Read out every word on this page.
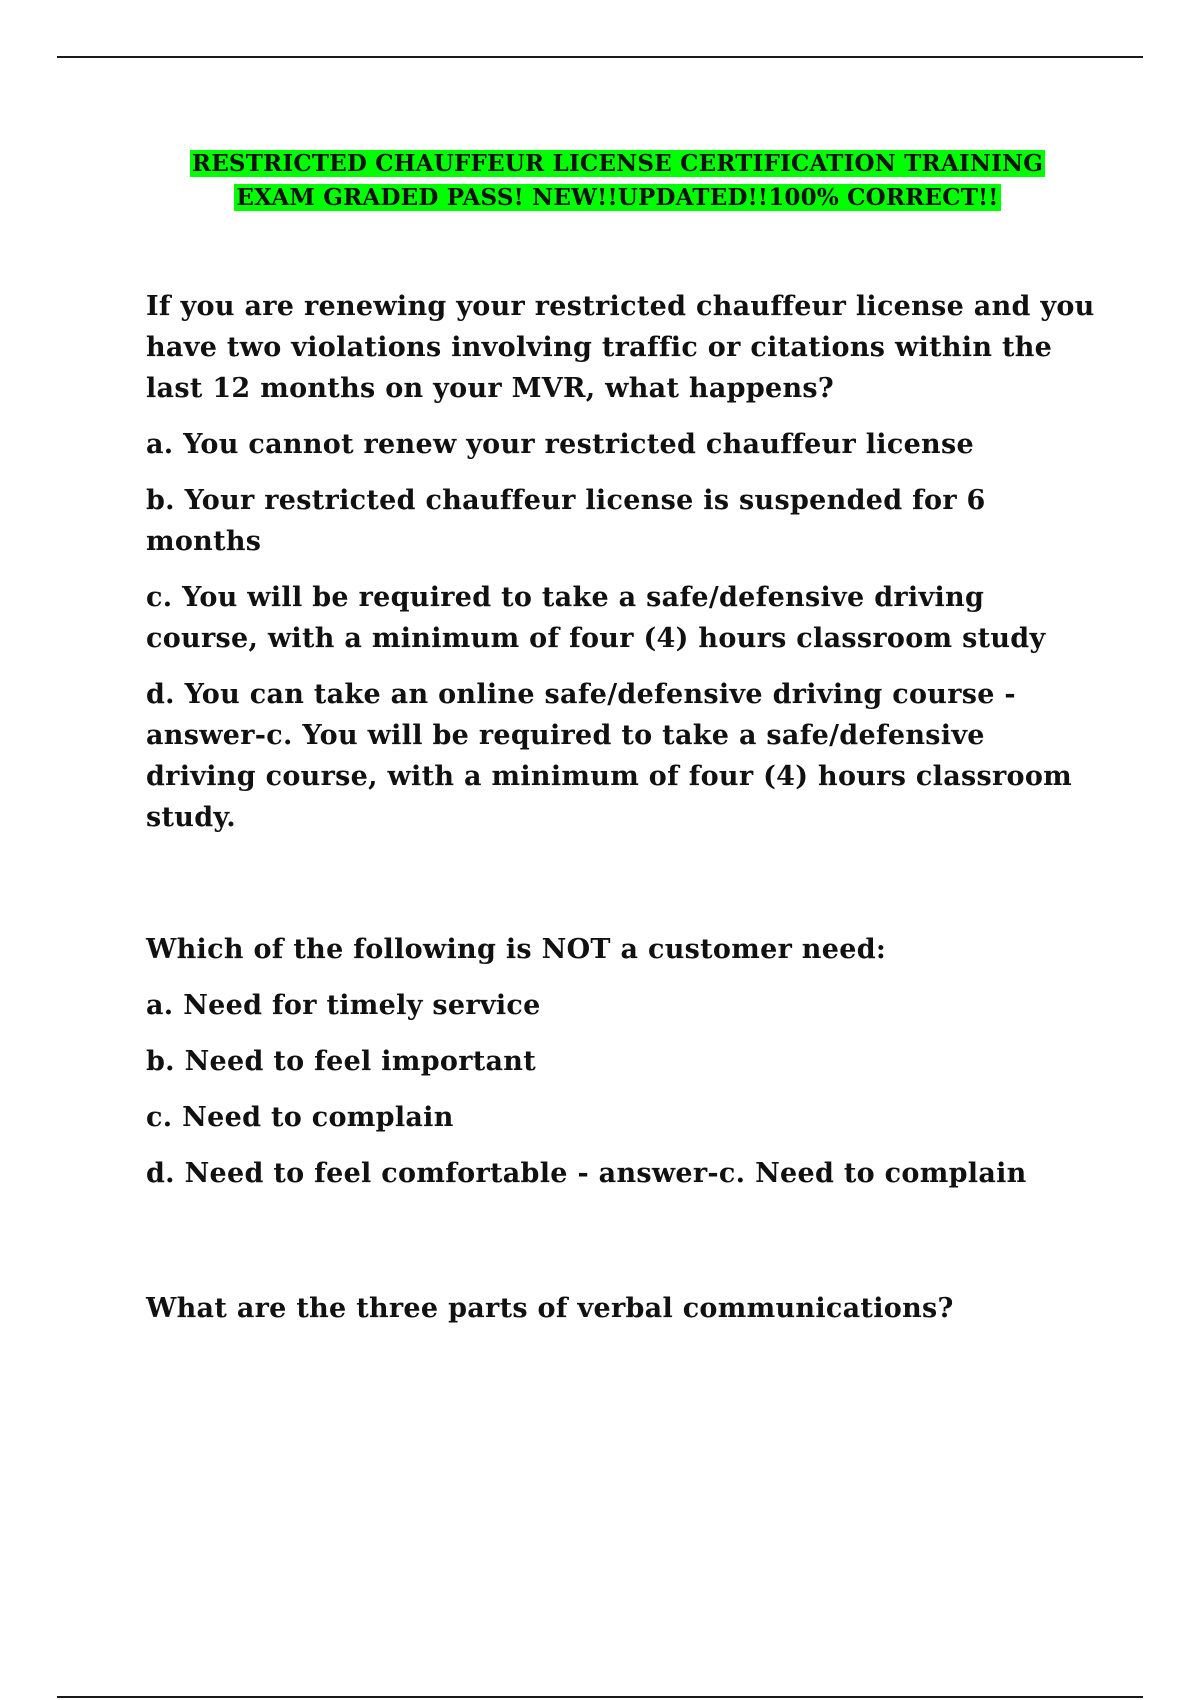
RESTRICTED CHAUFFEUR LICENSE CERTIFICATION TRAINING
EXAM GRADED PASS! NEW!!UPDATED!!100% CORRECT!!

If you are renewing your restricted chauffeur license and you have two violations involving traffic or citations within the last 12 months on your MVR, what happens?

a. You cannot renew your restricted chauffeur license

b. Your restricted chauffeur license is suspended for 6 months

c. You will be required to take a safe/defensive driving course, with a minimum of four (4) hours classroom study

d. You can take an online safe/defensive driving course - answer-c. You will be required to take a safe/defensive driving course, with a minimum of four (4) hours classroom study.

Which of the following is NOT a customer need:

a. Need for timely service

b. Need to feel important

c. Need to complain

d. Need to feel comfortable - answer-c. Need to complain

What are the three parts of verbal communications?
